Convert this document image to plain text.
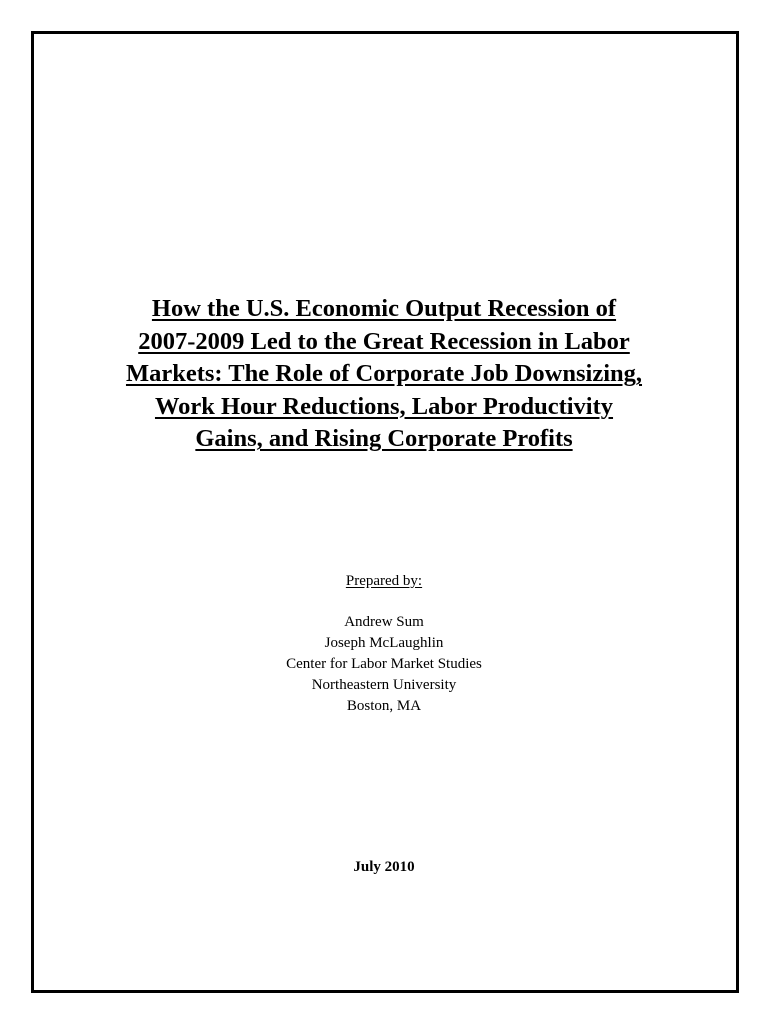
How the U.S. Economic Output Recession of
2007-2009 Led to the Great Recession in Labor
Markets: The Role of Corporate Job Downsizing,
Work Hour Reductions, Labor Productivity
Gains, and Rising Corporate Profits
Prepared by:
Andrew Sum
Joseph McLaughlin
Center for Labor Market Studies
Northeastern University
Boston, MA
July 2010
